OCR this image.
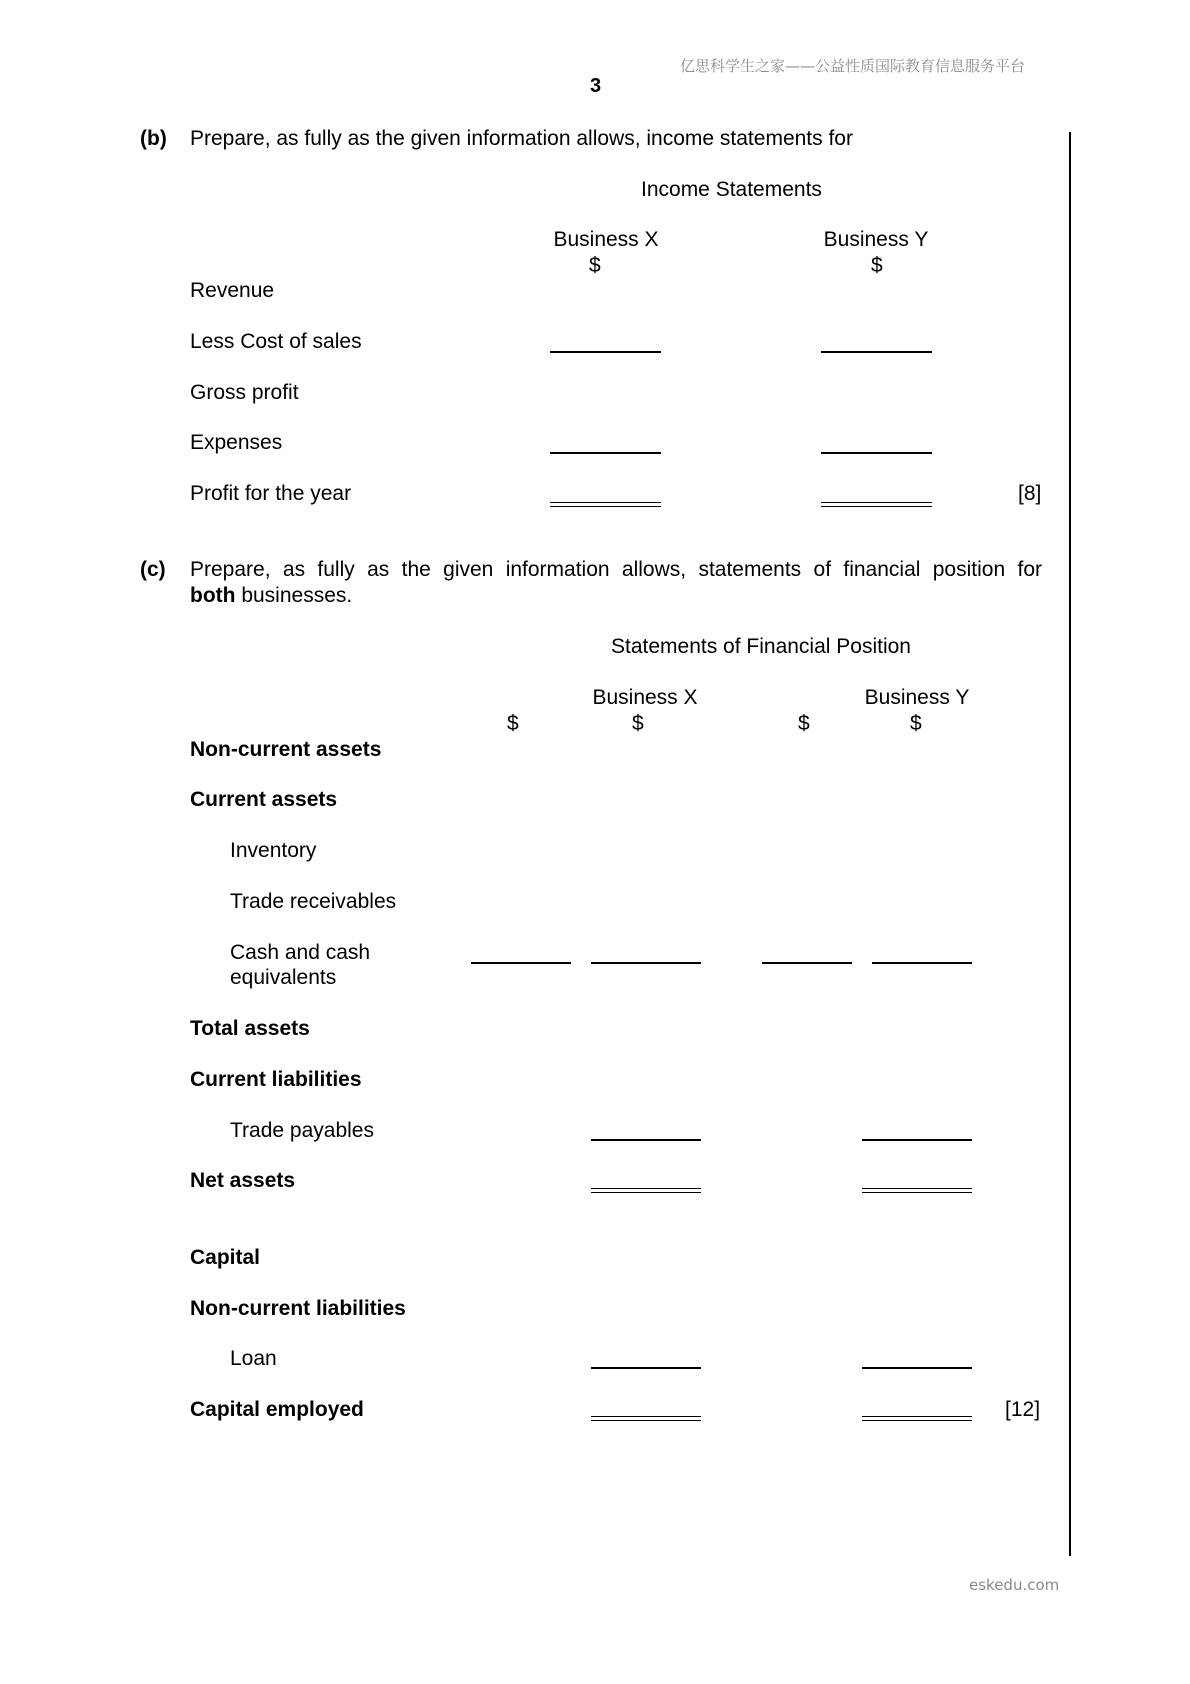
亿思科学生之家——公益性质国际教育信息服务平台
3
(b) Prepare, as fully as the given information allows, income statements for
Income Statements
Business X	Business Y
$	$
Revenue
Less Cost of sales
Gross profit
Expenses
Profit for the year	[8]
(c) Prepare, as fully as the given information allows, statements of financial position for
both businesses.
Statements of Financial Position
Business X	Business Y
$	$	$	$
Non-current assets
Current assets
Inventory
Trade receivables
Cash and cash
equivalents
Total assets
Current liabilities
Trade payables
Net assets
Capital
Non-current liabilities
Loan
Capital employed	[12]
eskedu.com
